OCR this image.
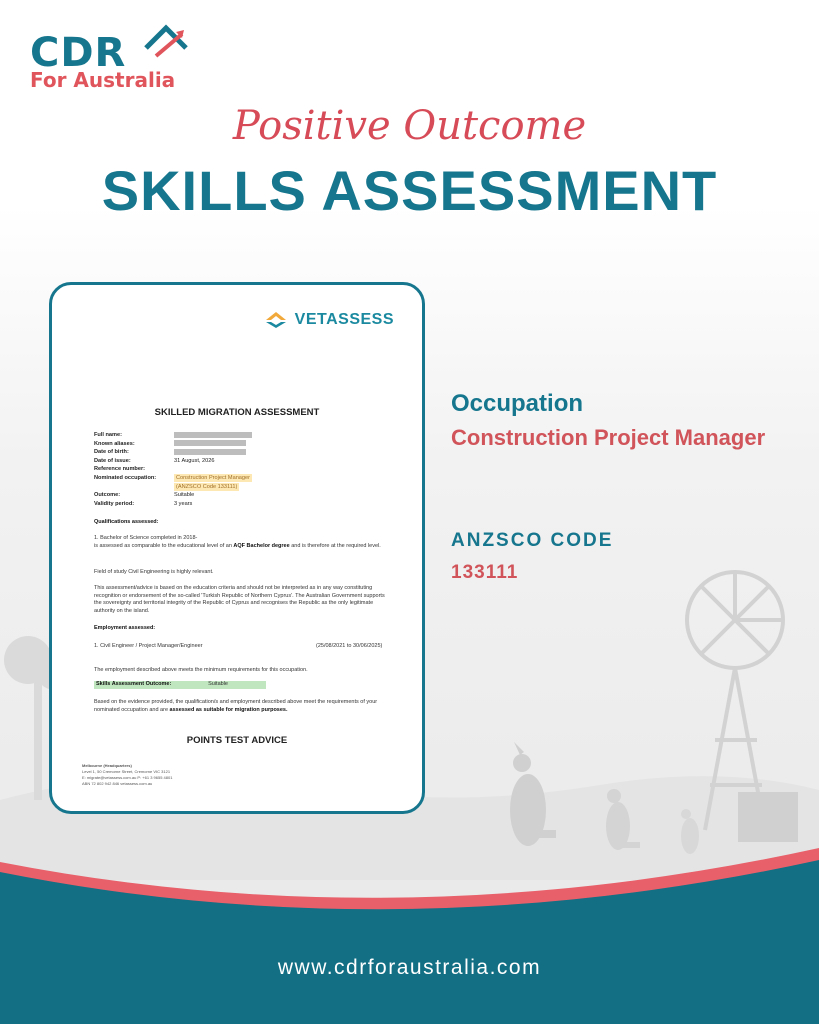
CDR
For Australia
Positive Outcome
SKILLS ASSESSMENT
VETASSESS
SKILLED MIGRATION ASSESSMENT
Full name:
Known aliases:
Date of birth:
Date of issue:	31 August, 2026
Reference number:
Nominated occupation:	Construction Project Manager
(ANZSCO Code 133111)
Outcome:	Suitable
Validity period:	3 years
Qualifications assessed:
1. Bachelor of Science completed in 2018-
is assessed as comparable to the educational level of an AQF Bachelor degree and is therefore at the required level.
Field of study Civil Engineering is highly relevant.
This assessment/advice is based on the education criteria and should not be interpreted as in any way constituting recognition or endorsement of the so-called 'Turkish Republic of Northern Cyprus'. The Australian Government supports the sovereignty and territorial integrity of the Republic of Cyprus and recognises the Republic as the only legitimate authority on the island.
Employment assessed:
1. Civil Engineer / Project Manager/Engineer	(25/08/2021 to 30/06/2025)
The employment described above meets the minimum requirements for this occupation.
Skills Assessment Outcome:	Suitable
Based on the evidence provided, the qualification/s and employment described above meet the requirements of your nominated occupation and are assessed as suitable for migration purposes.
POINTS TEST ADVICE
Melbourne (Headquarters)
Level 1, 50 Cremorne Street, Cremorne VIC 3121
E: migrate@vetassess.com.au P: +61 3 9655 4801
ABN 72 802 942 846 vetassess.com.au
Occupation
Construction Project Manager
ANZSCO CODE
133111
www.cdrforaustralia.com
